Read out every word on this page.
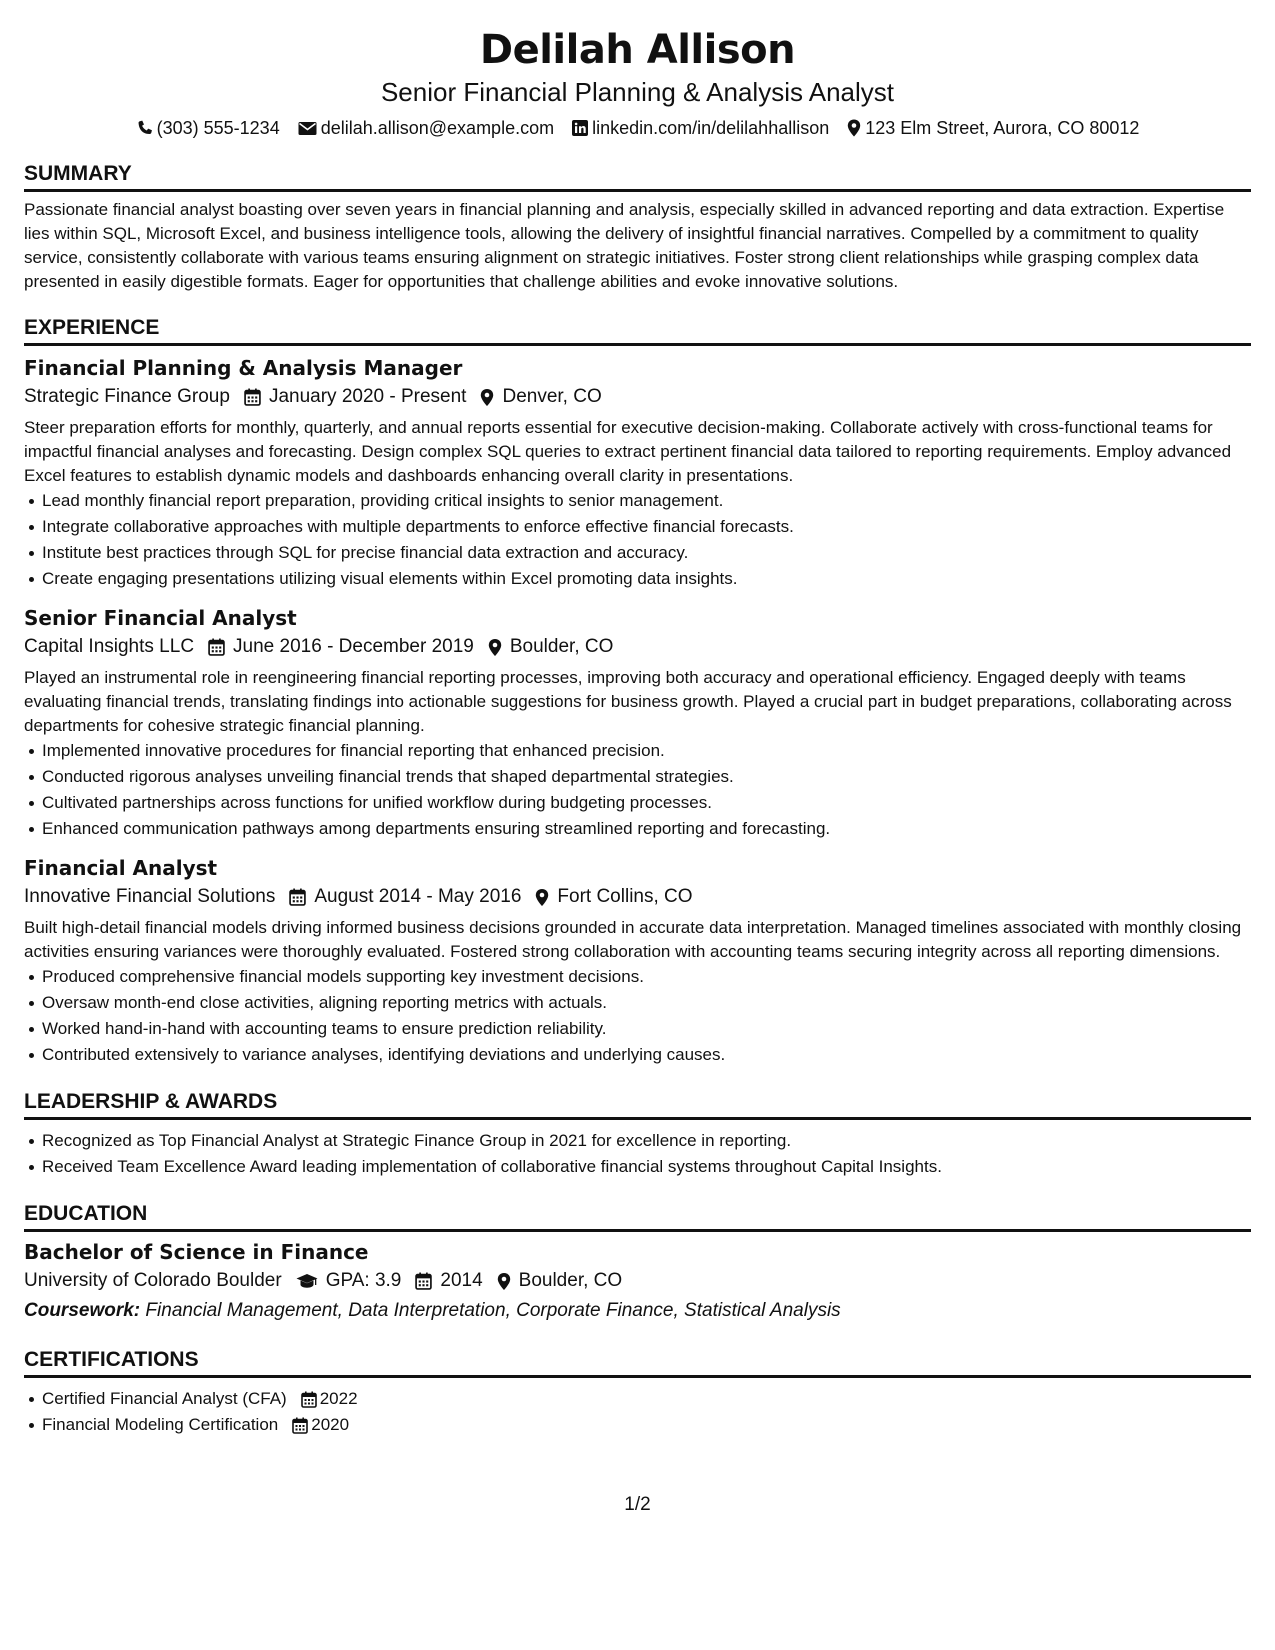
Delilah Allison
Senior Financial Planning & Analysis Analyst
(303) 555-1234 delilah.allison@example.com linkedin.com/in/delilahhallison 123 Elm Street, Aurora, CO 80012
SUMMARY

Passionate financial analyst boasting over seven years in financial planning and analysis, especially skilled in advanced reporting and data extraction. Expertise lies within SQL, Microsoft Excel, and business intelligence tools, allowing the delivery of insightful financial narratives. Compelled by a commitment to quality service, consistently collaborate with various teams ensuring alignment on strategic initiatives. Foster strong client relationships while grasping complex data presented in easily digestible formats. Eager for opportunities that challenge abilities and evoke innovative solutions.

EXPERIENCE
Financial Planning & Analysis Manager
Strategic Finance Group January 2020 - Present Denver, CO

Steer preparation efforts for monthly, quarterly, and annual reports essential for executive decision-making. Collaborate actively with cross-functional teams for impactful financial analyses and forecasting. Design complex SQL queries to extract pertinent financial data tailored to reporting requirements. Employ advanced Excel features to establish dynamic models and dashboards enhancing overall clarity in presentations.

Lead monthly financial report preparation, providing critical insights to senior management.
Integrate collaborative approaches with multiple departments to enforce effective financial forecasts.
Institute best practices through SQL for precise financial data extraction and accuracy.
Create engaging presentations utilizing visual elements within Excel promoting data insights.
Senior Financial Analyst
Capital Insights LLC June 2016 - December 2019 Boulder, CO

Played an instrumental role in reengineering financial reporting processes, improving both accuracy and operational efficiency. Engaged deeply with teams evaluating financial trends, translating findings into actionable suggestions for business growth. Played a crucial part in budget preparations, collaborating across departments for cohesive strategic financial planning.

Implemented innovative procedures for financial reporting that enhanced precision.
Conducted rigorous analyses unveiling financial trends that shaped departmental strategies.
Cultivated partnerships across functions for unified workflow during budgeting processes.
Enhanced communication pathways among departments ensuring streamlined reporting and forecasting.
Financial Analyst
Innovative Financial Solutions August 2014 - May 2016 Fort Collins, CO

Built high-detail financial models driving informed business decisions grounded in accurate data interpretation. Managed timelines associated with monthly closing activities ensuring variances were thoroughly evaluated. Fostered strong collaboration with accounting teams securing integrity across all reporting dimensions.

Produced comprehensive financial models supporting key investment decisions.
Oversaw month-end close activities, aligning reporting metrics with actuals.
Worked hand-in-hand with accounting teams to ensure prediction reliability.
Contributed extensively to variance analyses, identifying deviations and underlying causes.
LEADERSHIP & AWARDS
Recognized as Top Financial Analyst at Strategic Finance Group in 2021 for excellence in reporting.
Received Team Excellence Award leading implementation of collaborative financial systems throughout Capital Insights.
EDUCATION
Bachelor of Science in Finance
University of Colorado Boulder GPA: 3.9 2014 Boulder, CO
Coursework: Financial Management, Data Interpretation, Corporate Finance, Statistical Analysis
CERTIFICATIONS
Certified Financial Analyst (CFA) 2022
Financial Modeling Certification 2020
1/2
